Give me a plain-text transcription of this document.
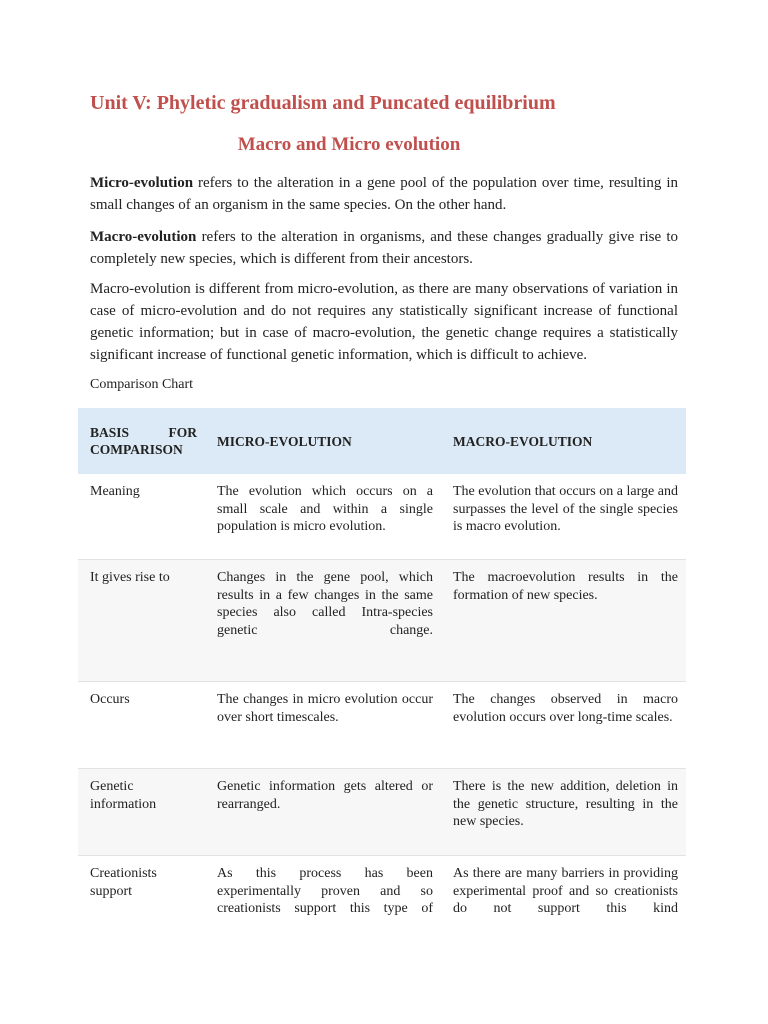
Unit V: Phyletic gradualism and Puncated equilibrium
Macro and Micro evolution

Micro-evolution refers to the alteration in a gene pool of the population over time, resulting in small changes of an organism in the same species. On the other hand.

Macro-evolution refers to the alteration in organisms, and these changes gradually give rise to completely new species, which is different from their ancestors.

Macro-evolution is different from micro-evolution, as there are many observations of variation in case of micro-evolution and do not requires any statistically significant increase of functional genetic information; but in case of macro-evolution, the genetic change requires a statistically significant increase of functional genetic information, which is difficult to achieve.

Comparison Chart
BASIS FOR COMPARISON	MICRO-EVOLUTION	MACRO-EVOLUTION
Meaning	The evolution which occurs on a small scale and within a single population is micro evolution.	The evolution that occurs on a large and surpasses the level of the single species is macro evolution.
It gives rise to	Changes in the gene pool, which results in a few changes in the same species also called Intra-species genetic change.	The macroevolution results in the formation of new species.
Occurs	The changes in micro evolution occur over short timescales.	The changes observed in macro evolution occurs over long-time scales.
Genetic information	Genetic information gets altered or rearranged.	There is the new addition, deletion in the genetic structure, resulting in the new species.
Creationists support	As this process has been experimentally proven and so creationists support this type of	As there are many barriers in providing experimental proof and so creationists do not support this kind
